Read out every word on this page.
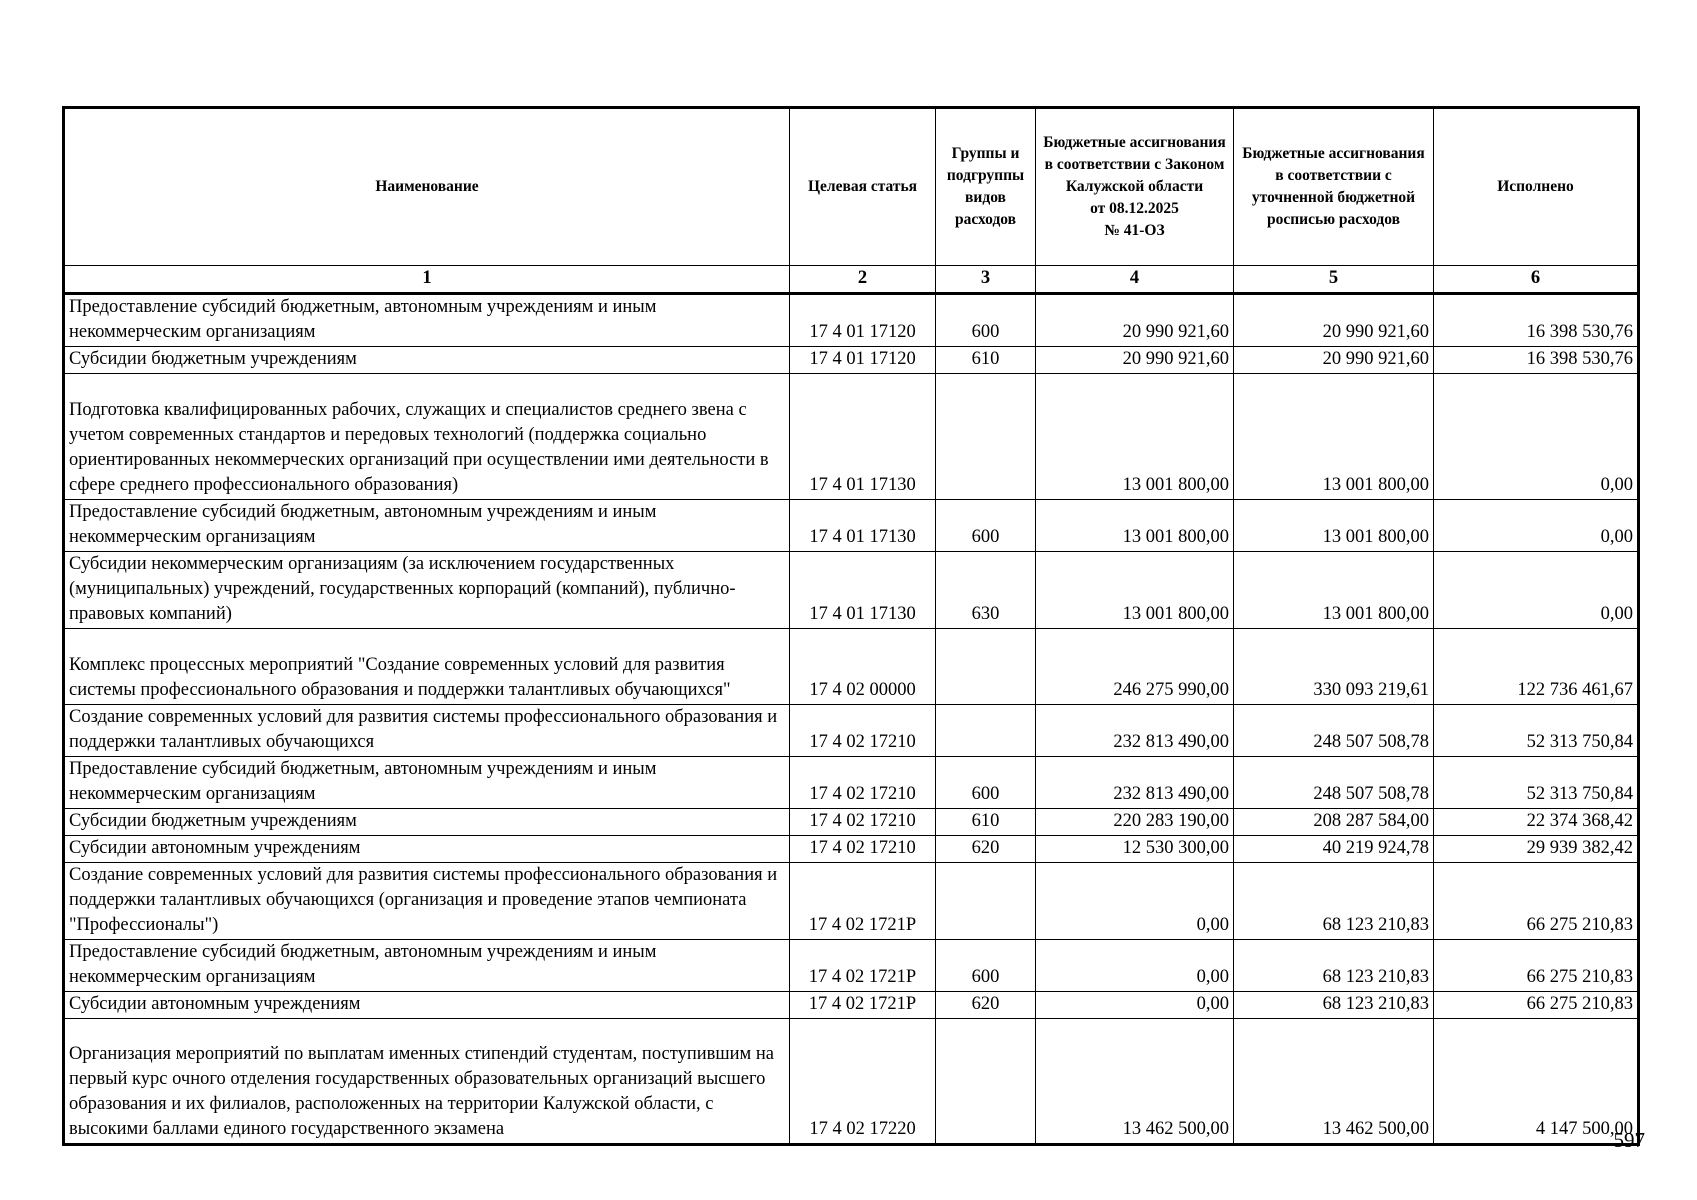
Наименование	Целевая статья	Группы и подгруппы видов расходов	Бюджетные ассигнования в соответствии с Законом Калужской области
от 08.12.2025
№ 41-ОЗ	Бюджетные ассигнования в соответствии с уточненной бюджетной росписью расходов	Исполнено
1	2	3	4	5	6
Предоставление субсидий бюджетным, автономным учреждениям и иным некоммерческим организациям	17 4 01 17120	600	20 990 921,60	20 990 921,60	16 398 530,76
Субсидии бюджетным учреждениям	17 4 01 17120	610	20 990 921,60	20 990 921,60	16 398 530,76
Подготовка квалифицированных рабочих, служащих и специалистов среднего звена с учетом современных стандартов и передовых технологий (поддержка социально ориентированных некоммерческих организаций при осуществлении ими деятельности в сфере среднего профессионального образования)	17 4 01 17130		13 001 800,00	13 001 800,00	0,00
Предоставление субсидий бюджетным, автономным учреждениям и иным некоммерческим организациям	17 4 01 17130	600	13 001 800,00	13 001 800,00	0,00
Субсидии некоммерческим организациям (за исключением государственных (муниципальных) учреждений, государственных корпораций (компаний), публично-правовых компаний)	17 4 01 17130	630	13 001 800,00	13 001 800,00	0,00
Комплекс процессных мероприятий "Создание современных условий для развития системы профессионального образования и поддержки талантливых обучающихся"	17 4 02 00000		246 275 990,00	330 093 219,61	122 736 461,67
Создание современных условий для развития системы профессионального образования и поддержки талантливых обучающихся	17 4 02 17210		232 813 490,00	248 507 508,78	52 313 750,84
Предоставление субсидий бюджетным, автономным учреждениям и иным некоммерческим организациям	17 4 02 17210	600	232 813 490,00	248 507 508,78	52 313 750,84
Субсидии бюджетным учреждениям	17 4 02 17210	610	220 283 190,00	208 287 584,00	22 374 368,42
Субсидии автономным учреждениям	17 4 02 17210	620	12 530 300,00	40 219 924,78	29 939 382,42
Создание современных условий для развития системы профессионального образования и поддержки талантливых обучающихся (организация и проведение этапов чемпионата "Профессионалы")	17 4 02 1721Р		0,00	68 123 210,83	66 275 210,83
Предоставление субсидий бюджетным, автономным учреждениям и иным некоммерческим организациям	17 4 02 1721Р	600	0,00	68 123 210,83	66 275 210,83
Субсидии автономным учреждениям	17 4 02 1721Р	620	0,00	68 123 210,83	66 275 210,83
Организация мероприятий по выплатам именных стипендий студентам, поступившим на первый курс очного отделения государственных образовательных организаций высшего образования и их филиалов, расположенных на территории Калужской области, с высокими баллами единого государственного экзамена	17 4 02 17220		13 462 500,00	13 462 500,00	4 147 500,00
597
